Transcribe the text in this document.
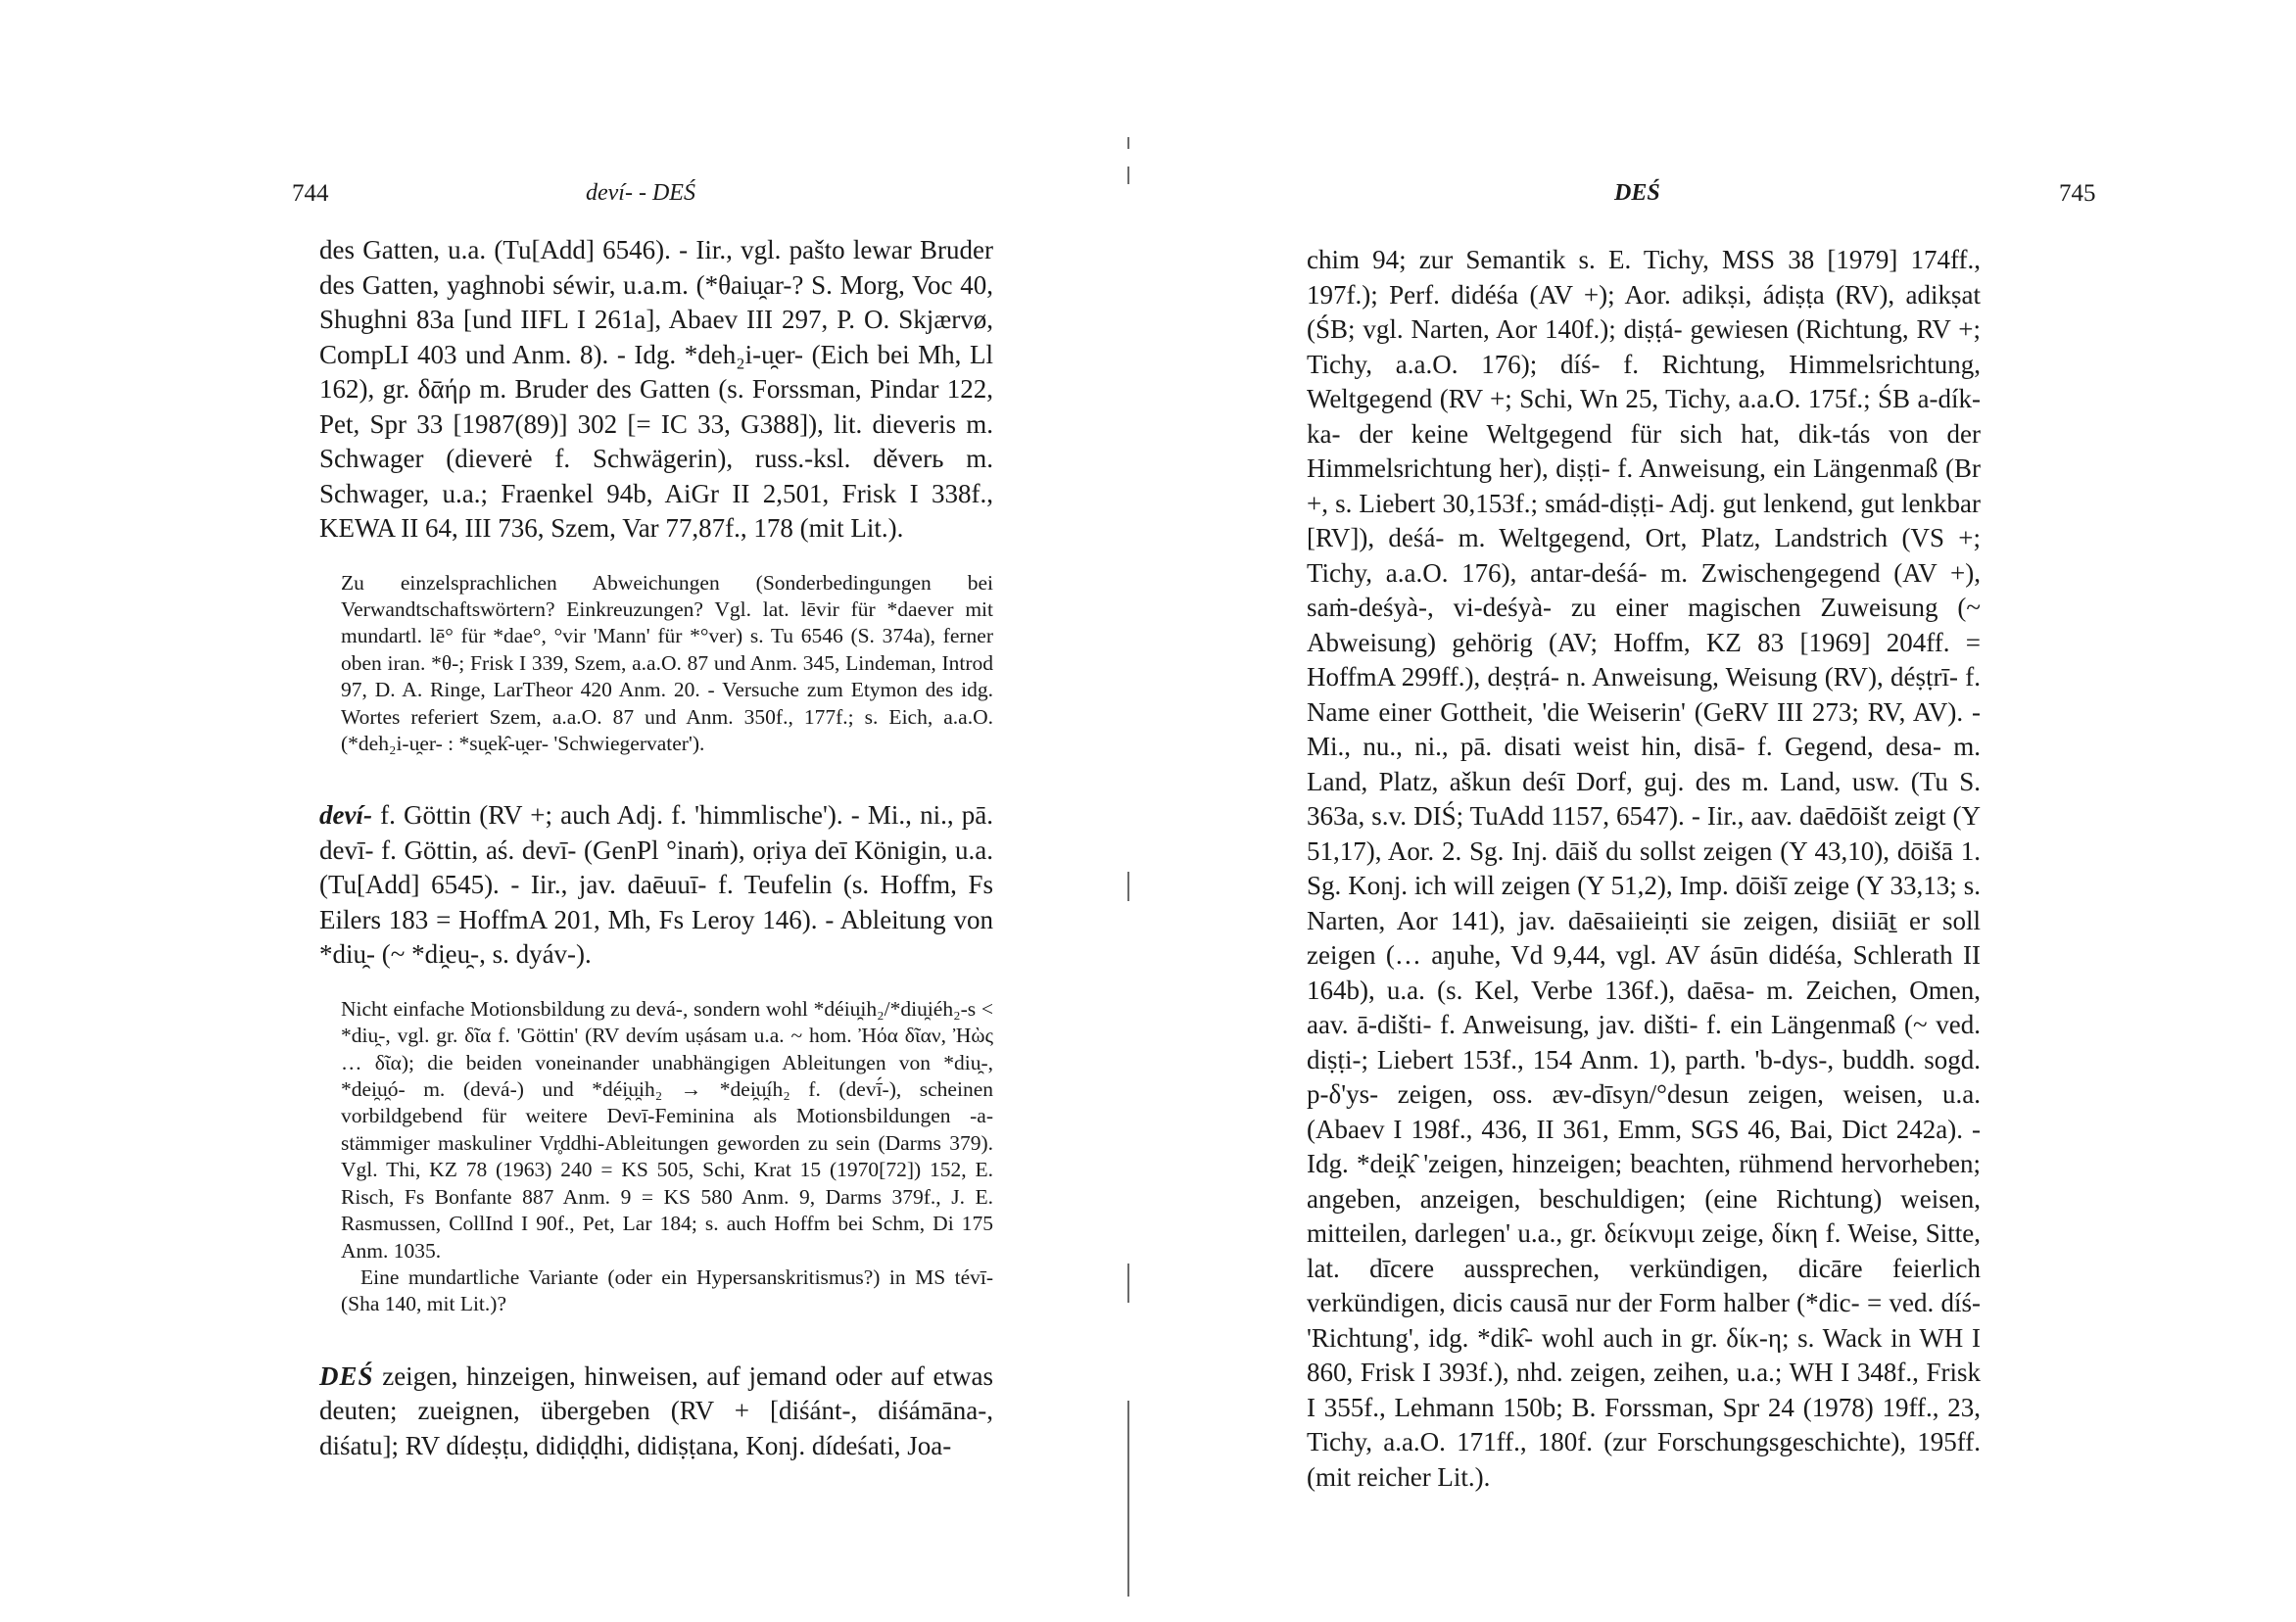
744	deví- - DEŚ

des Gatten, u.a. (Tu[Add] 6546). - Iir., vgl. pašto lewar Bruder des Gatten, yaghnobi séwir, u.a.m. (*θaiu̯ar-? S. Morg, Voc 40, Shughni 83a [und IIFL I 261a], Abaev III 297, P. O. Skjærvø, CompLI 403 und Anm. 8). - Idg. *deh₂i-u̯er- (Eich bei Mh, Ll 162), gr. δᾱήρ m. Bruder des Gatten (s. Forssman, Pindar 122, Pet, Spr 33 [1987(89)] 302 [= IC 33, G388]), lit. dieveris m. Schwager (dieverė f. Schwägerin), russ.-ksl. děverь m. Schwager, u.a.; Fraenkel 94b, AiGr II 2,501, Frisk I 338f., KEWA II 64, III 736, Szem, Var 77,87f., 178 (mit Lit.).

Zu einzelsprachlichen Abweichungen (Sonderbedingungen bei Verwandtschaftswörtern? Einkreuzungen? Vgl. lat. lēvir für *daever mit mundartl. lē° für *dae°, °vir 'Mann' für *°ver) s. Tu 6546 (S. 374a), ferner oben iran. *θ-; Frisk I 339, Szem, a.a.O. 87 und Anm. 345, Lindeman, Introd 97, D. A. Ringe, LarTheor 420 Anm. 20. - Versuche zum Etymon des idg. Wortes referiert Szem, a.a.O. 87 und Anm. 350f., 177f.; s. Eich, a.a.O. (*deh₂i-u̯er- : *su̯ek̑-u̯er- 'Schwiegervater').

deví- f. Göttin (RV +; auch Adj. f. 'himmlische'). - Mi., ni., pā. devī- f. Göttin, aś. devī- (GenPl °inaṁ), oṛiya deī Königin, u.a. (Tu[Add] 6545). - Iir., jav. daēuuī- f. Teufelin (s. Hoffm, Fs Eilers 183 = HoffmA 201, Mh, Fs Leroy 146). - Ableitung von *diu̯- (~ *di̯eu̯-, s. dyáv-).

Nicht einfache Motionsbildung zu devá-, sondern wohl *déiu̯ih₂/*diu̯iéh₂-s < *diu̯-, vgl. gr. δῖα f. 'Göttin' (RV devím uṣásam u.a. ~ hom. Ἠόα δῖαν, Ἠὼς … δῖα); die beiden voneinander unabhängigen Ableitungen von *diu̯-, *dei̯u̯ó- m. (devá-) und *déi̯u̯ih₂ → *dei̯u̯íh₂ f. (devī́-), scheinen vorbildgebend für weitere Devī-Feminina als Motionsbildungen -a-stämmiger maskuliner Vr̥ddhi-Ableitungen geworden zu sein (Darms 379). Vgl. Thi, KZ 78 (1963) 240 = KS 505, Schi, Krat 15 (1970[72]) 152, E. Risch, Fs Bonfante 887 Anm. 9 = KS 580 Anm. 9, Darms 379f., J. E. Rasmussen, CollInd I 90f., Pet, Lar 184; s. auch Hoffm bei Schm, Di 175 Anm. 1035.

Eine mundartliche Variante (oder ein Hypersanskritismus?) in MS tévī- (Sha 140, mit Lit.)?

DEŚ zeigen, hinzeigen, hinweisen, auf jemand oder auf etwas deuten; zueignen, übergeben (RV + [diśánt-, diśámāna-, diśatu]; RV dídeṣṭu, didiḍḍhi, didiṣṭana, Konj. dídeśati, Joa-

DEŚ	745

chim 94; zur Semantik s. E. Tichy, MSS 38 [1979] 174ff., 197f.); Perf. didéśa (AV +); Aor. adikṣi, ádiṣṭa (RV), adikṣat (ŚB; vgl. Narten, Aor 140f.); diṣṭá- gewiesen (Richtung, RV +; Tichy, a.a.O. 176); díś- f. Richtung, Himmelsrichtung, Weltgegend (RV +; Schi, Wn 25, Tichy, a.a.O. 175f.; ŚB a-dík-ka- der keine Weltgegend für sich hat, dik-tás von der Himmelsrichtung her), diṣṭi- f. Anweisung, ein Längenmaß (Br +, s. Liebert 30,153f.; smád-diṣṭi- Adj. gut lenkend, gut lenkbar [RV]), deśá- m. Weltgegend, Ort, Platz, Landstrich (VS +; Tichy, a.a.O. 176), antar-deśá- m. Zwischengegend (AV +), saṁ-deśyà-, vi-deśyà- zu einer magischen Zuweisung (~ Abweisung) gehörig (AV; Hoffm, KZ 83 [1969] 204ff. = HoffmA 299ff.), deṣṭrá- n. Anweisung, Weisung (RV), déṣṭrī- f. Name einer Gottheit, 'die Weiserin' (GeRV III 273; RV, AV). - Mi., nu., ni., pā. disati weist hin, disā- f. Gegend, desa- m. Land, Platz, aškun deśī Dorf, guj. des m. Land, usw. (Tu S. 363a, s.v. DIŚ; TuAdd 1157, 6547). - Iir., aav. daēdōišt zeigt (Y 51,17), Aor. 2. Sg. Inj. dāiš du sollst zeigen (Y 43,10), dōišā 1. Sg. Konj. ich will zeigen (Y 51,2), Imp. dōišī zeige (Y 33,13; s. Narten, Aor 141), jav. daēsaiieiṇti sie zeigen, disiiāṯ er soll zeigen (… aŋuhe, Vd 9,44, vgl. AV ásūn didéśa, Schlerath II 164b), u.a. (s. Kel, Verbe 136f.), daēsa- m. Zeichen, Omen, aav. ā-dišti- f. Anweisung, jav. dišti- f. ein Längenmaß (~ ved. diṣṭi-; Liebert 153f., 154 Anm. 1), parth. 'b-dys-, buddh. sogd. p-δ'ys- zeigen, oss. æv-dīsyn/°desun zeigen, weisen, u.a. (Abaev I 198f., 436, II 361, Emm, SGS 46, Bai, Dict 242a). - Idg. *dei̯k̑ 'zeigen, hinzeigen; beachten, rühmend hervorheben; angeben, anzeigen, beschuldigen; (eine Richtung) weisen, mitteilen, darlegen' u.a., gr. δείκνυμι zeige, δίκη f. Weise, Sitte, lat. dīcere aussprechen, verkündigen, dicāre feierlich verkündigen, dicis causā nur der Form halber (*dic- = ved. díś- 'Richtung', idg. *dik̑- wohl auch in gr. δίκ-η; s. Wack in WH I 860, Frisk I 393f.), nhd. zeigen, zeihen, u.a.; WH I 348f., Frisk I 355f., Lehmann 150b; B. Forssman, Spr 24 (1978) 19ff., 23, Tichy, a.a.O. 171ff., 180f. (zur Forschungsgeschichte), 195ff. (mit reicher Lit.).
